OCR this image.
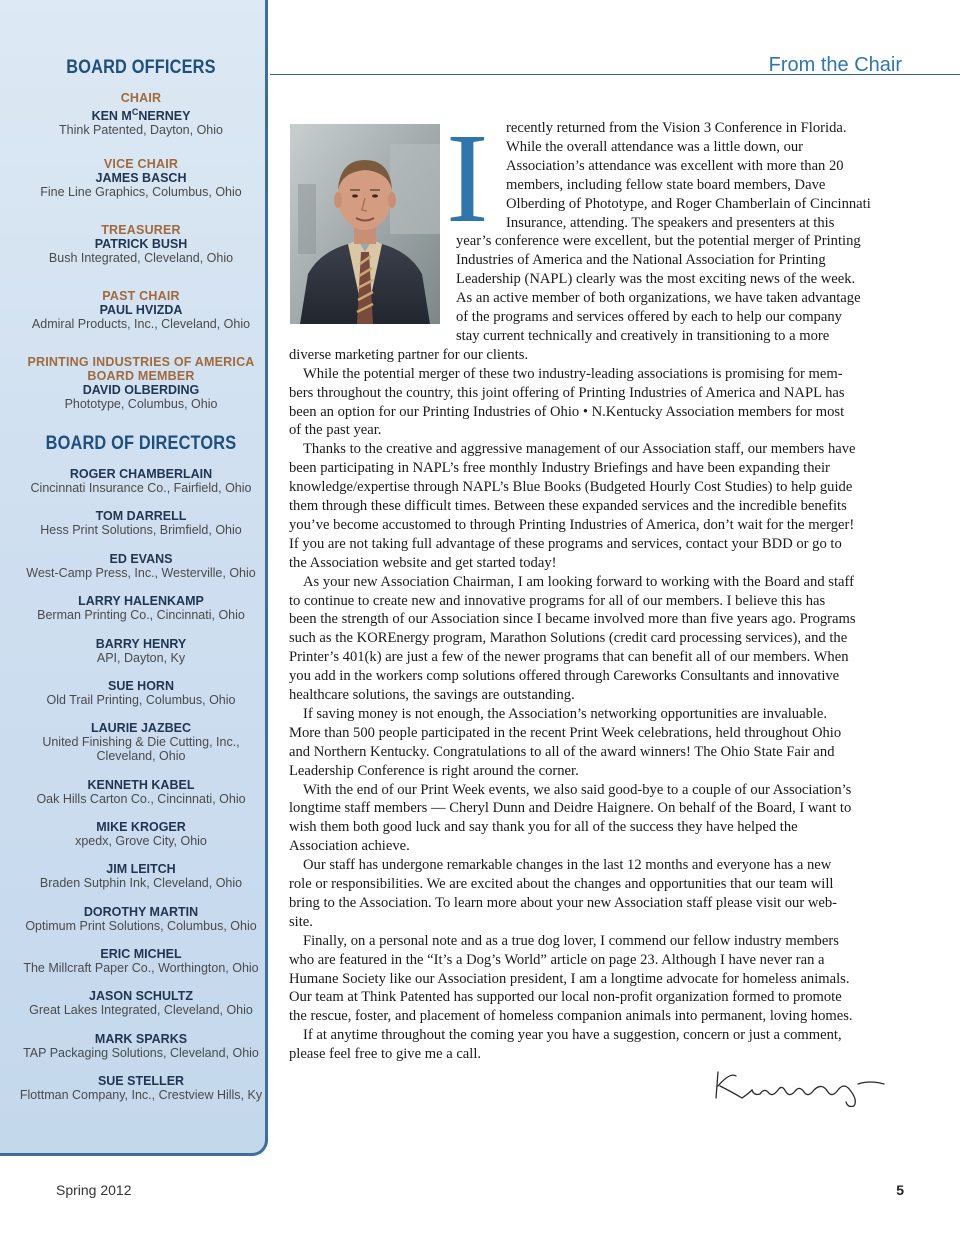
BOARD OFFICERS
CHAIR
KEN $M^CNERNEY$
Think Patented, Dayton, Ohio
VICE CHAIR
JAMES BASCH
Fine Line Graphics, Columbus, Ohio
TREASURER
PATRICK BUSH
Bush Integrated, Cleveland, Ohio
PAST CHAIR
PAUL HVIZDA
Admiral Products, Inc., Cleveland, Ohio
PRINTING INDUSTRIES OF AMERICA
BOARD MEMBER
DAVID OLBERDING
Phototype, Columbus, Ohio
BOARD OF DIRECTORS
ROGER CHAMBERLAIN
Cincinnati Insurance Co., Fairfield, Ohio
TOM DARRELL
Hess Print Solutions, Brimfield, Ohio
ED EVANS
West-Camp Press, Inc., Westerville, Ohio
LARRY HALENKAMP
Berman Printing Co., Cincinnati, Ohio
BARRY HENRY
API, Dayton, Ky
SUE HORN
Old Trail Printing, Columbus, Ohio
LAURIE JAZBEC
United Finishing & Die Cutting, Inc.,
Cleveland, Ohio
KENNETH KABEL
Oak Hills Carton Co., Cincinnati, Ohio
MIKE KROGER
xpedx, Grove City, Ohio
JIM LEITCH
Braden Sutphin Ink, Cleveland, Ohio
DOROTHY MARTIN
Optimum Print Solutions, Columbus, Ohio
ERIC MICHEL
The Millcraft Paper Co., Worthington, Ohio
JASON SCHULTZ
Great Lakes Integrated, Cleveland, Ohio
MARK SPARKS
TAP Packaging Solutions, Cleveland, Ohio
SUE STELLER
Flottman Company, Inc., Crestview Hills, Ky
From the Chair
I recently returned from the Vision 3 Conference in Florida.
While the overall attendance was a little down, our
Association’s attendance was excellent with more than 20
members, including fellow state board members, Dave
Olberding of Phototype, and Roger Chamberlain of Cincinnati
Insurance, attending. The speakers and presenters at this
year’s conference were excellent, but the potential merger of Printing
Industries of America and the National Association for Printing
Leadership (NAPL) clearly was the most exciting news of the week.
As an active member of both organizations, we have taken advantage
of the programs and services offered by each to help our company
stay current technically and creatively in transitioning to a more
diverse marketing partner for our clients.
While the potential merger of these two industry-leading associations is promising for mem-
bers throughout the country, this joint offering of Printing Industries of America and NAPL has
been an option for our Printing Industries of Ohio • N.Kentucky Association members for most
of the past year.
Thanks to the creative and aggressive management of our Association staff, our members have
been participating in NAPL’s free monthly Industry Briefings and have been expanding their
knowledge/expertise through NAPL’s Blue Books (Budgeted Hourly Cost Studies) to help guide
them through these difficult times. Between these expanded services and the incredible benefits
you’ve become accustomed to through Printing Industries of America, don’t wait for the merger!
If you are not taking full advantage of these programs and services, contact your BDD or go to
the Association website and get started today!
As your new Association Chairman, I am looking forward to working with the Board and staff
to continue to create new and innovative programs for all of our members. I believe this has
been the strength of our Association since I became involved more than five years ago. Programs
such as the KOREnergy program, Marathon Solutions (credit card processing services), and the
Printer’s 401(k) are just a few of the newer programs that can benefit all of our members. When
you add in the workers comp solutions offered through Careworks Consultants and innovative
healthcare solutions, the savings are outstanding.
If saving money is not enough, the Association’s networking opportunities are invaluable.
More than 500 people participated in the recent Print Week celebrations, held throughout Ohio
and Northern Kentucky. Congratulations to all of the award winners! The Ohio State Fair and
Leadership Conference is right around the corner.
With the end of our Print Week events, we also said good-bye to a couple of our Association’s
longtime staff members — Cheryl Dunn and Deidre Haignere. On behalf of the Board, I want to
wish them both good luck and say thank you for all of the success they have helped the
Association achieve.
Our staff has undergone remarkable changes in the last 12 months and everyone has a new
role or responsibilities. We are excited about the changes and opportunities that our team will
bring to the Association. To learn more about your new Association staff please visit our web-
site.
Finally, on a personal note and as a true dog lover, I commend our fellow industry members
who are featured in the “It’s a Dog’s World” article on page 23. Although I have never ran a
Humane Society like our Association president, I am a longtime advocate for homeless animals.
Our team at Think Patented has supported our local non-profit organization formed to promote
the rescue, foster, and placement of homeless companion animals into permanent, loving homes.
If at anytime throughout the coming year you have a suggestion, concern or just a comment,
please feel free to give me a call.
Spring 2012	5
